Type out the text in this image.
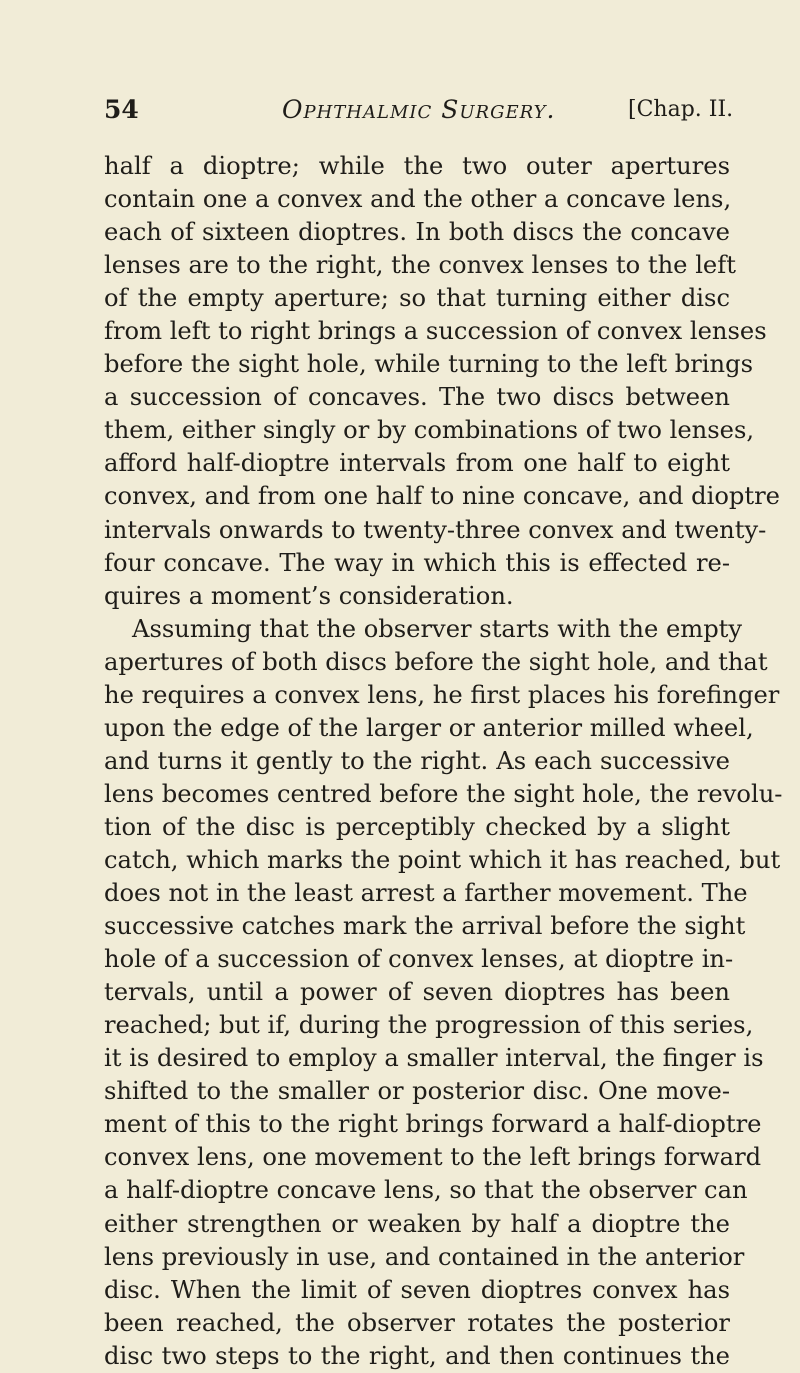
54	Ophthalmic Surgery.	[Chap. II.
half a dioptre; while the two outer apertures
contain one a convex and the other a concave lens,
each of sixteen dioptres. In both discs the concave
lenses are to the right, the convex lenses to the left
of the empty aperture; so that turning either disc
from left to right brings a succession of convex lenses
before the sight hole, while turning to the left brings
a succession of concaves. The two discs between
them, either singly or by combinations of two lenses,
afford half-dioptre intervals from one half to eight
convex, and from one half to nine concave, and dioptre
intervals onwards to twenty-three convex and twenty-
four concave. The way in which this is effected re-
quires a moment’s consideration.
Assuming that the observer starts with the empty
apertures of both discs before the sight hole, and that
he requires a convex lens, he first places his forefinger
upon the edge of the larger or anterior milled wheel,
and turns it gently to the right. As each successive
lens becomes centred before the sight hole, the revolu-
tion of the disc is perceptibly checked by a slight
catch, which marks the point which it has reached, but
does not in the least arrest a farther movement. The
successive catches mark the arrival before the sight
hole of a succession of convex lenses, at dioptre in-
tervals, until a power of seven dioptres has been
reached; but if, during the progression of this series,
it is desired to employ a smaller interval, the finger is
shifted to the smaller or posterior disc. One move-
ment of this to the right brings forward a half-dioptre
convex lens, one movement to the left brings forward
a half-dioptre concave lens, so that the observer can
either strengthen or weaken by half a dioptre the
lens previously in use, and contained in the anterior
disc. When the limit of seven dioptres convex has
been reached, the observer rotates the posterior
disc two steps to the right, and then continues the
